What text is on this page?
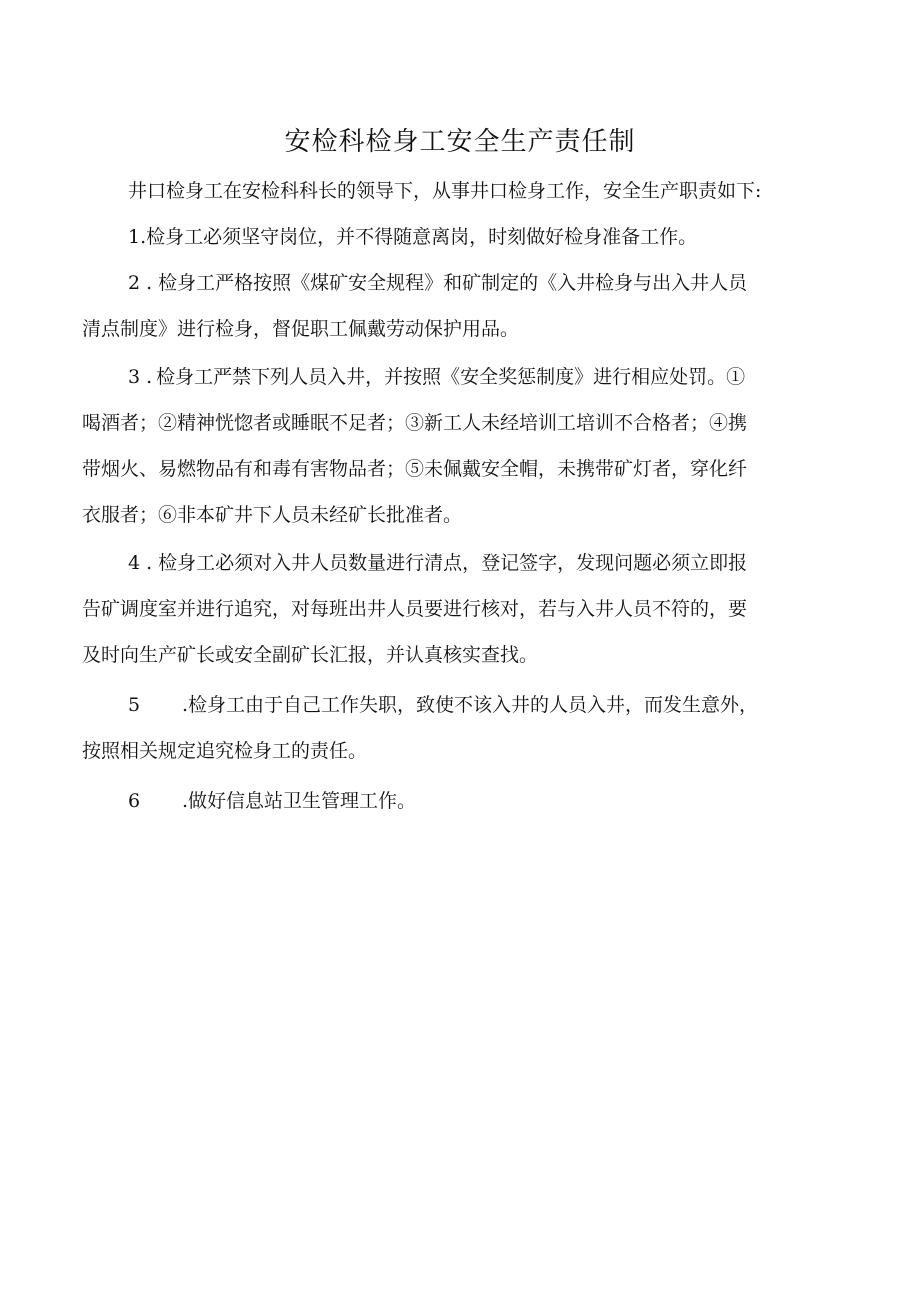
安检科检身工安全生产责任制

井口检身工在安检科科长的领导下，从事井口检身工作，安全生产职责如下:

1.检身工必须坚守岗位，并不得随意离岗，时刻做好检身准备工作。

2 . 检身工严格按照《煤矿安全规程》和矿制定的《入井检身与出入井人员
清点制度》进行检身，督促职工佩戴劳动保护用品。

3 . 检身工严禁下列人员入井，并按照《安全奖惩制度》进行相应处罚。①
喝酒者；②精神恍惚者或睡眠不足者；③新工人未经培训工培训不合格者；④携
带烟火、易燃物品有和毒有害物品者；⑤未佩戴安全帽，未携带矿灯者，穿化纤
衣服者；⑥非本矿井下人员未经矿长批准者。

4 . 检身工必须对入井人员数量进行清点，登记签字，发现问题必须立即报
告矿调度室并进行追究，对每班出井人员要进行核对，若与入井人员不符的，要
及时向生产矿长或安全副矿长汇报，并认真核实查找。

5 .检身工由于自己工作失职，致使不该入井的人员入井，而发生意外，
按照相关规定追究检身工的责任。

6 .做好信息站卫生管理工作。
